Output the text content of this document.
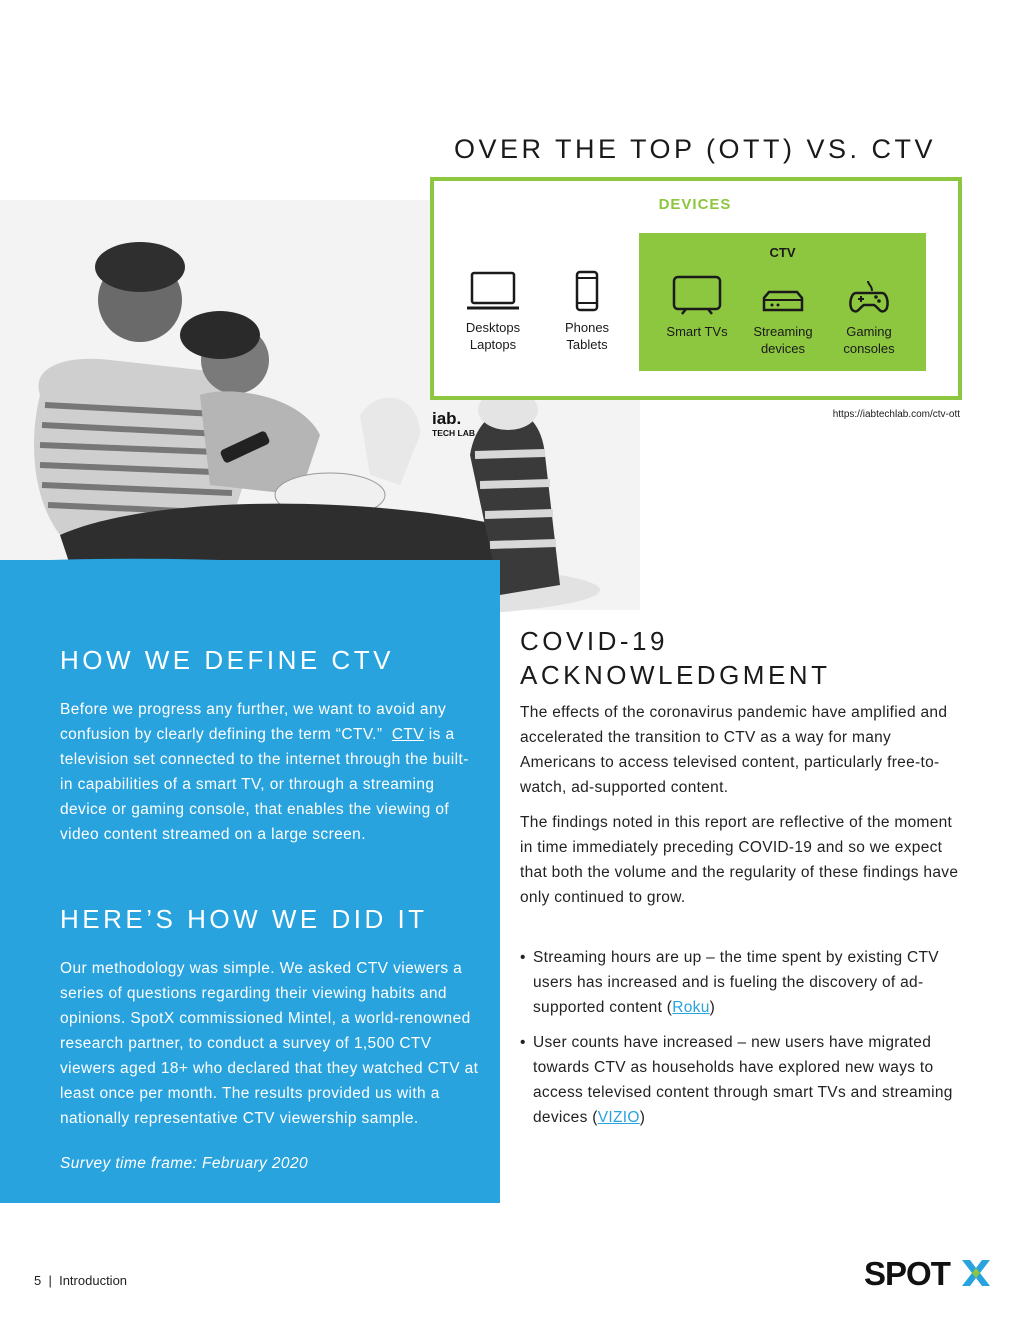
iab.
TECH LAB
OVER THE TOP (OTT) VS. CTV
DEVICES
CTV
Desktops
Laptops
Phones
Tablets
Smart TVs	Streaming
devices
Gaming
consoles
https://iabtechlab.com/ctv-ott
HOW WE DEFINE CTV

Before we progress any further, we want to avoid any confusion by clearly defining the term “CTV.” CTV is a television set connected to the internet through the built-in capabilities of a smart TV, or through a streaming device or gaming console, that enables the viewing of video content streamed on a large screen.

HERE’S HOW WE DID IT

Our methodology was simple. We asked CTV viewers a series of questions regarding their viewing habits and opinions. SpotX commissioned Mintel, a world-renowned research partner, to conduct a survey of 1,500 CTV viewers aged 18+ who declared that they watched CTV at least once per month. The results provided us with a nationally representative CTV viewership sample.

Survey time frame: February 2020

COVID-19
ACKNOWLEDGMENT

The effects of the coronavirus pandemic have amplified and accelerated the transition to CTV as a way for many Americans to access televised content, particularly free-to-watch, ad-supported content.

The findings noted in this report are reflective of the moment in time immediately preceding COVID-19 and so we expect that both the volume and the regularity of these findings have only continued to grow.

• Streaming hours are up – the time spent by existing CTV users has increased and is fueling the discovery of ad-supported content (Roku)
• User counts have increased – new users have migrated towards CTV as households have explored new ways to access televised content through smart TVs and streaming devices (VIZIO)
5 | Introduction	SPOT
